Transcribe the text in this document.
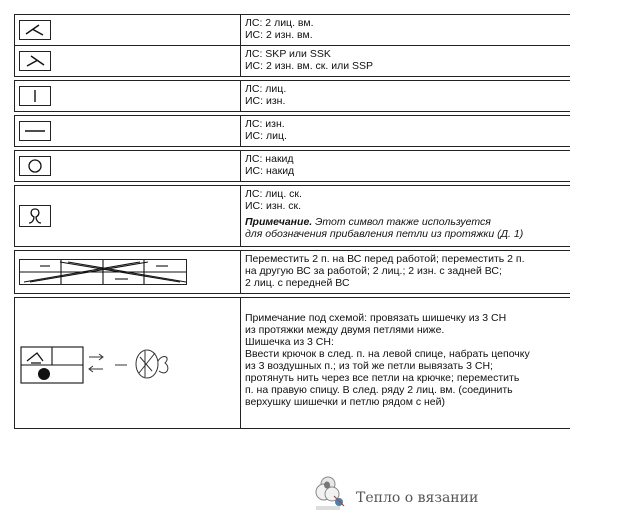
ЛС: 2 лиц. вм.
ИС: 2 изн. вм.
ЛС: SKP или SSK
ИС: 2 изн. вм. ск. или SSP
ЛС: лиц.
ИС: изн.
ЛС: изн.
ИС: лиц.
ЛС: накид
ИС: накид
ЛС: лиц. ск.
ИС: изн. ск.
Примечание. Этот символ также используется
для обозначения прибавления петли из протяжки (Д. 1)
Переместить 2 п. на ВС перед работой; переместить 2 п.
на другую ВС за работой; 2 лиц.; 2 изн. с задней ВС;
2 лиц. с передней ВС
Примечание под схемой: провязать шишечку из 3 СН
из протяжки между двумя петлями ниже.
Шишечка из 3 СН:
Ввести крючок в след. п. на левой спице, набрать цепочку
из 3 воздушных п.; из той же петли вывязать 3 СН;
протянуть нить через все петли на крючке; переместить
п. на правую спицу. В след. ряду 2 лиц. вм. (соединить
верхушку шишечки и петлю рядом с ней)
Тепло о вязании
